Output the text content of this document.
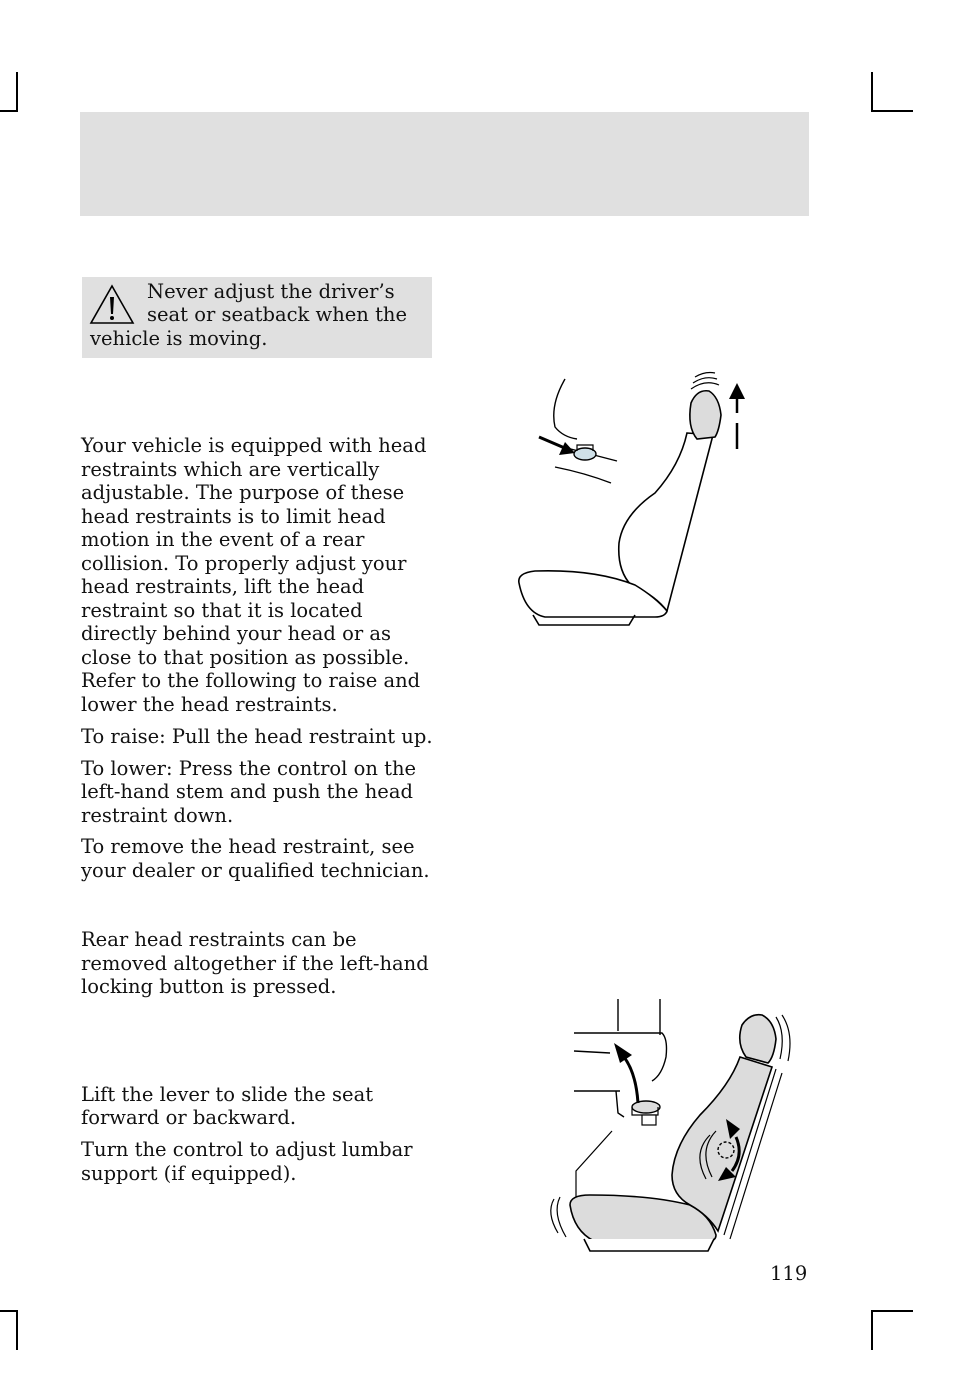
Never adjust the driver’s
seat or seatback when the
vehicle is moving.
Your vehicle is equipped with head
restraints which are vertically
adjustable. The purpose of these
head restraints is to limit head
motion in the event of a rear
collision. To properly adjust your
head restraints, lift the head
restraint so that it is located
directly behind your head or as
close to that position as possible.
Refer to the following to raise and
lower the head restraints.
To raise: Pull the head restraint up.
To lower: Press the control on the
left-hand stem and push the head
restraint down.
To remove the head restraint, see
your dealer or qualified technician.
Rear head restraints can be
removed altogether if the left-hand
locking button is pressed.
Lift the lever to slide the seat
forward or backward.
Turn the control to adjust lumbar
support (if equipped).
119
